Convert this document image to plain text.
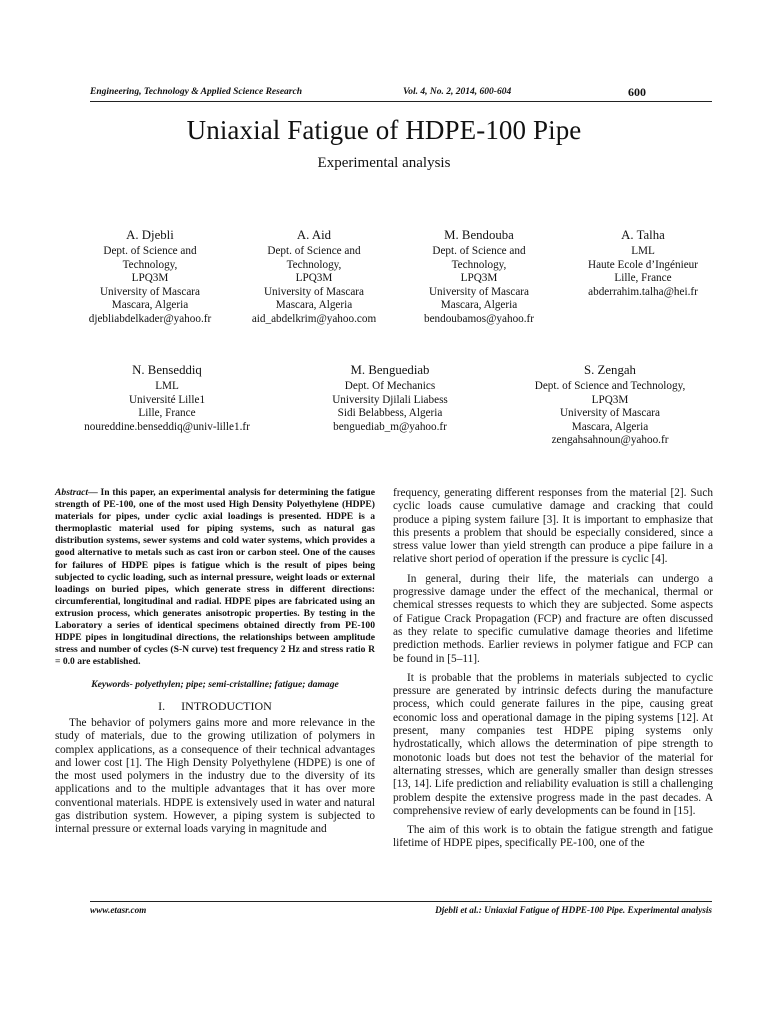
Engineering, Technology & Applied Science Research	Vol. 4, No. 2, 2014, 600-604	600
Uniaxial Fatigue of HDPE-100 Pipe
Experimental analysis
A. Djebli
Dept. of Science and
Technology,
LPQ3M
University of Mascara
Mascara, Algeria
djebliabdelkader@yahoo.fr
A. Aid
Dept. of Science and
Technology,
LPQ3M
University of Mascara
Mascara, Algeria
aid_abdelkrim@yahoo.com
M. Bendouba
Dept. of Science and
Technology,
LPQ3M
University of Mascara
Mascara, Algeria
bendoubamos@yahoo.fr
A. Talha
LML
Haute Ecole d’Ingénieur
Lille, France
abderrahim.talha@hei.fr
N. Benseddiq
LML
Université Lille1
Lille, France
noureddine.benseddiq@univ-lille1.fr
M. Benguediab
Dept. Of Mechanics
University Djilali Liabess
Sidi Belabbess, Algeria
benguediab_m@yahoo.fr
S. Zengah
Dept. of Science and Technology,
LPQ3M
University of Mascara
Mascara, Algeria
zengahsahnoun@yahoo.fr

Abstract— In this paper, an experimental analysis for determining the fatigue strength of PE-100, one of the most used High Density Polyethylene (HDPE) materials for pipes, under cyclic axial loadings is presented. HDPE is a thermoplastic material used for piping systems, such as natural gas distribution systems, sewer systems and cold water systems, which provides a good alternative to metals such as cast iron or carbon steel. One of the causes for failures of HDPE pipes is fatigue which is the result of pipes being subjected to cyclic loading, such as internal pressure, weight loads or external loadings on buried pipes, which generate stress in different directions: circumferential, longitudinal and radial. HDPE pipes are fabricated using an extrusion process, which generates anisotropic properties. By testing in the Laboratory a series of identical specimens obtained directly from PE-100 HDPE pipes in longitudinal directions, the relationships between amplitude stress and number of cycles (S-N curve) test frequency 2 Hz and stress ratio R = 0.0 are established.

Keywords- polyethylen; pipe; semi-cristalline; fatigue; damage

I. INTRODUCTION

The behavior of polymers gains more and more relevance in the study of materials, due to the growing utilization of polymers in complex applications, as a consequence of their technical advantages and lower cost [1]. The High Density Polyethylene (HDPE) is one of the most used polymers in the industry due to the diversity of its applications and to the multiple advantages that it has over more conventional materials. HDPE is extensively used in water and natural gas distribution system. However, a piping system is subjected to internal pressure or external loads varying in magnitude and

frequency, generating different responses from the material [2]. Such cyclic loads cause cumulative damage and cracking that could produce a piping system failure [3]. It is important to emphasize that this presents a problem that should be especially considered, since a stress value lower than yield strength can produce a pipe failure in a relative short period of operation if the pressure is cyclic [4].

In general, during their life, the materials can undergo a progressive damage under the effect of the mechanical, thermal or chemical stresses requests to which they are subjected. Some aspects of Fatigue Crack Propagation (FCP) and fracture are often discussed as they relate to specific cumulative damage theories and lifetime prediction methods. Earlier reviews in polymer fatigue and FCP can be found in [5–11].

It is probable that the problems in materials subjected to cyclic pressure are generated by intrinsic defects during the manufacture process, which could generate failures in the pipe, causing great economic loss and operational damage in the piping systems [12]. At present, many companies test HDPE piping systems only hydrostatically, which allows the determination of pipe strength to monotonic loads but does not test the behavior of the material for alternating stresses, which are generally smaller than design stresses [13, 14]. Life prediction and reliability evaluation is still a challenging problem despite the extensive progress made in the past decades. A comprehensive review of early developments can be found in [15].

The aim of this work is to obtain the fatigue strength and fatigue lifetime of HDPE pipes, specifically PE-100, one of the

www.etasr.com	Djebli et al.: Uniaxial Fatigue of HDPE-100 Pipe. Experimental analysis
